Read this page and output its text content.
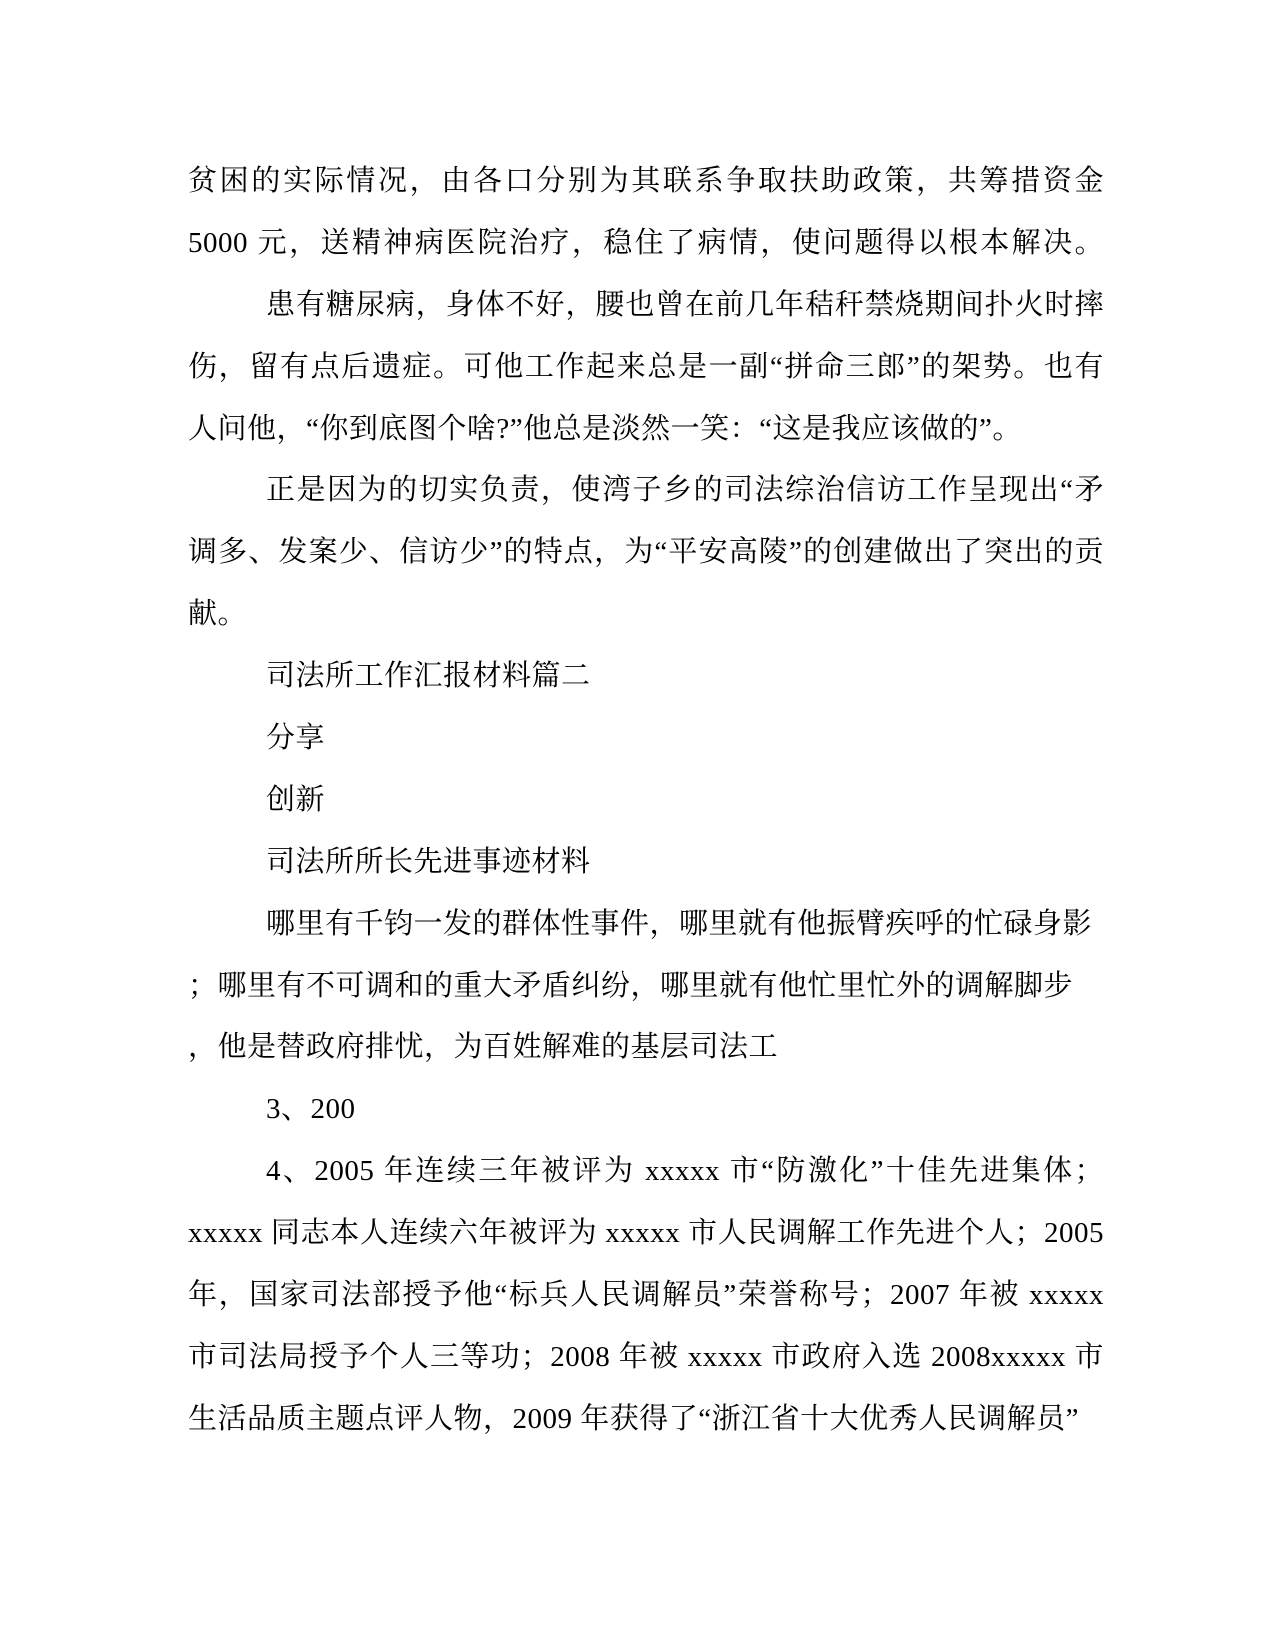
贫困的实际情况，由各口分别为其联系争取扶助政策，共筹措资金
5000 元，送精神病医院治疗，稳住了病情，使问题得以根本解决。
患有糖尿病，身体不好，腰也曾在前几年秸秆禁烧期间扑火时摔
伤，留有点后遗症。可他工作起来总是一副“拼命三郎”的架势。也有
人问他，“你到底图个啥?”他总是淡然一笑：“这是我应该做的”。
正是因为的切实负责，使湾子乡的司法综治信访工作呈现出“矛
调多、发案少、信访少”的特点，为“平安高陵”的创建做出了突出的贡
献。
司法所工作汇报材料篇二
分享
创新
司法所所长先进事迹材料
哪里有千钧一发的群体性事件，哪里就有他振臂疾呼的忙碌身影
；哪里有不可调和的重大矛盾纠纷，哪里就有他忙里忙外的调解脚步
，他是替政府排忧，为百姓解难的基层司法工
3、200
4、2005 年连续三年被评为 xxxxx 市“防激化”十佳先进集体；
xxxxx 同志本人连续六年被评为 xxxxx 市人民调解工作先进个人；2005
年，国家司法部授予他“标兵人民调解员”荣誉称号；2007 年被 xxxxx
市司法局授予个人三等功；2008 年被 xxxxx 市政府入选 2008xxxxx 市
生活品质主题点评人物，2009 年获得了“浙江省十大优秀人民调解员”
